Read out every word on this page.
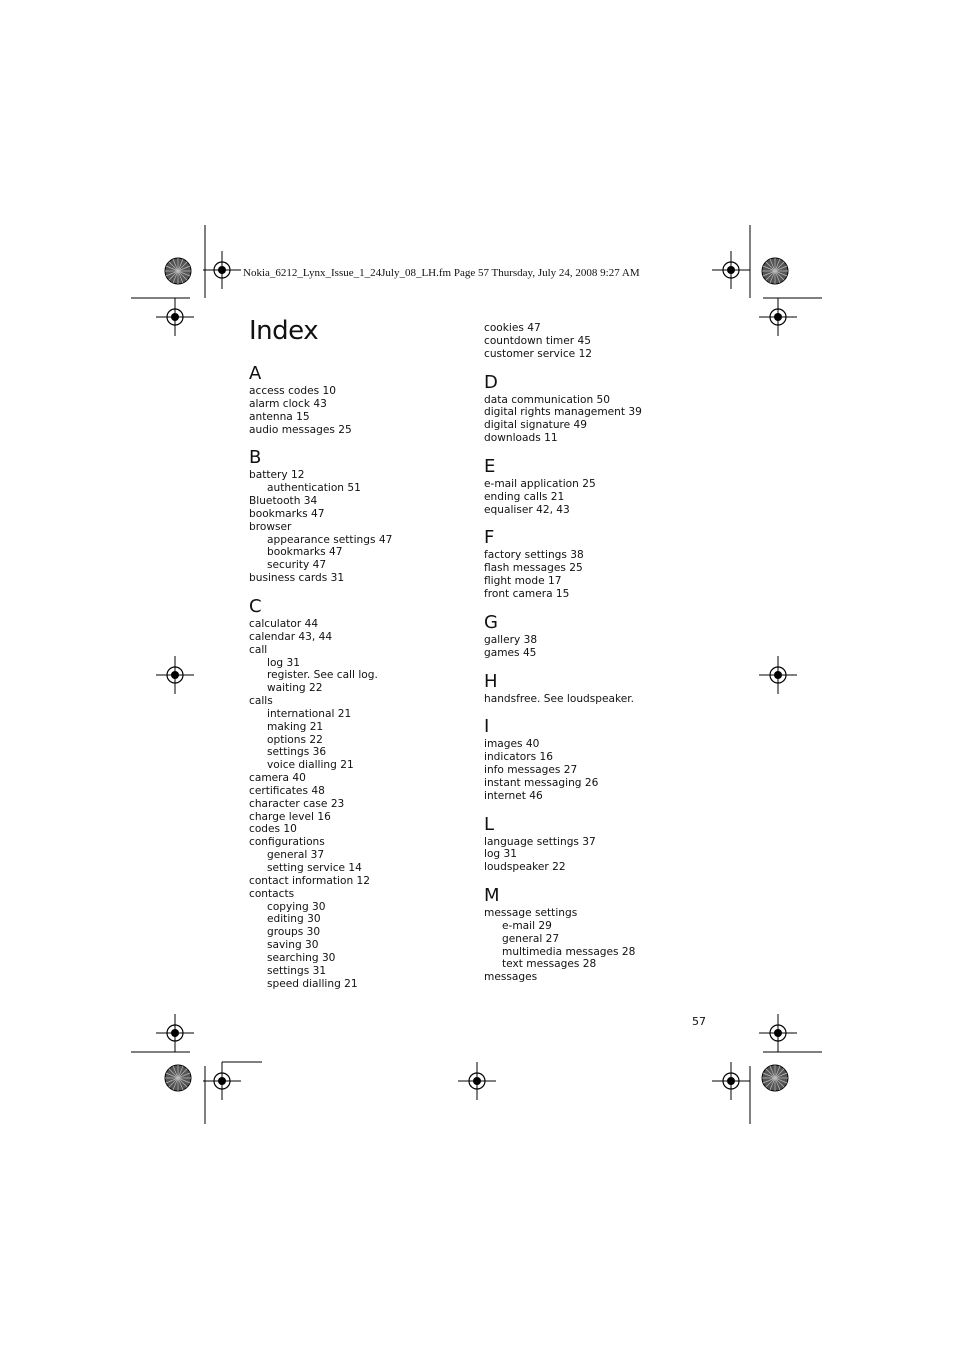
Nokia_6212_Lynx_Issue_1_24July_08_LH.fm Page 57 Thursday, July 24, 2008 9:27 AM
Index
A
access codes 10
alarm clock 43
antenna 15
audio messages 25
B
battery 12
authentication 51
Bluetooth 34
bookmarks 47
browser
appearance settings 47
bookmarks 47
security 47
business cards 31
C
calculator 44
calendar 43, 44
call
log 31
register. See call log.
waiting 22
calls
international 21
making 21
options 22
settings 36
voice dialling 21
camera 40
certificates 48
character case 23
charge level 16
codes 10
configurations
general 37
setting service 14
contact information 12
contacts
copying 30
editing 30
groups 30
saving 30
searching 30
settings 31
speed dialling 21
cookies 47
countdown timer 45
customer service 12
D
data communication 50
digital rights management 39
digital signature 49
downloads 11
E
e-mail application 25
ending calls 21
equaliser 42, 43
F
factory settings 38
flash messages 25
flight mode 17
front camera 15
G
gallery 38
games 45
H
handsfree. See loudspeaker.
I
images 40
indicators 16
info messages 27
instant messaging 26
internet 46
L
language settings 37
log 31
loudspeaker 22
M
message settings
e-mail 29
general 27
multimedia messages 28
text messages 28
messages
57
